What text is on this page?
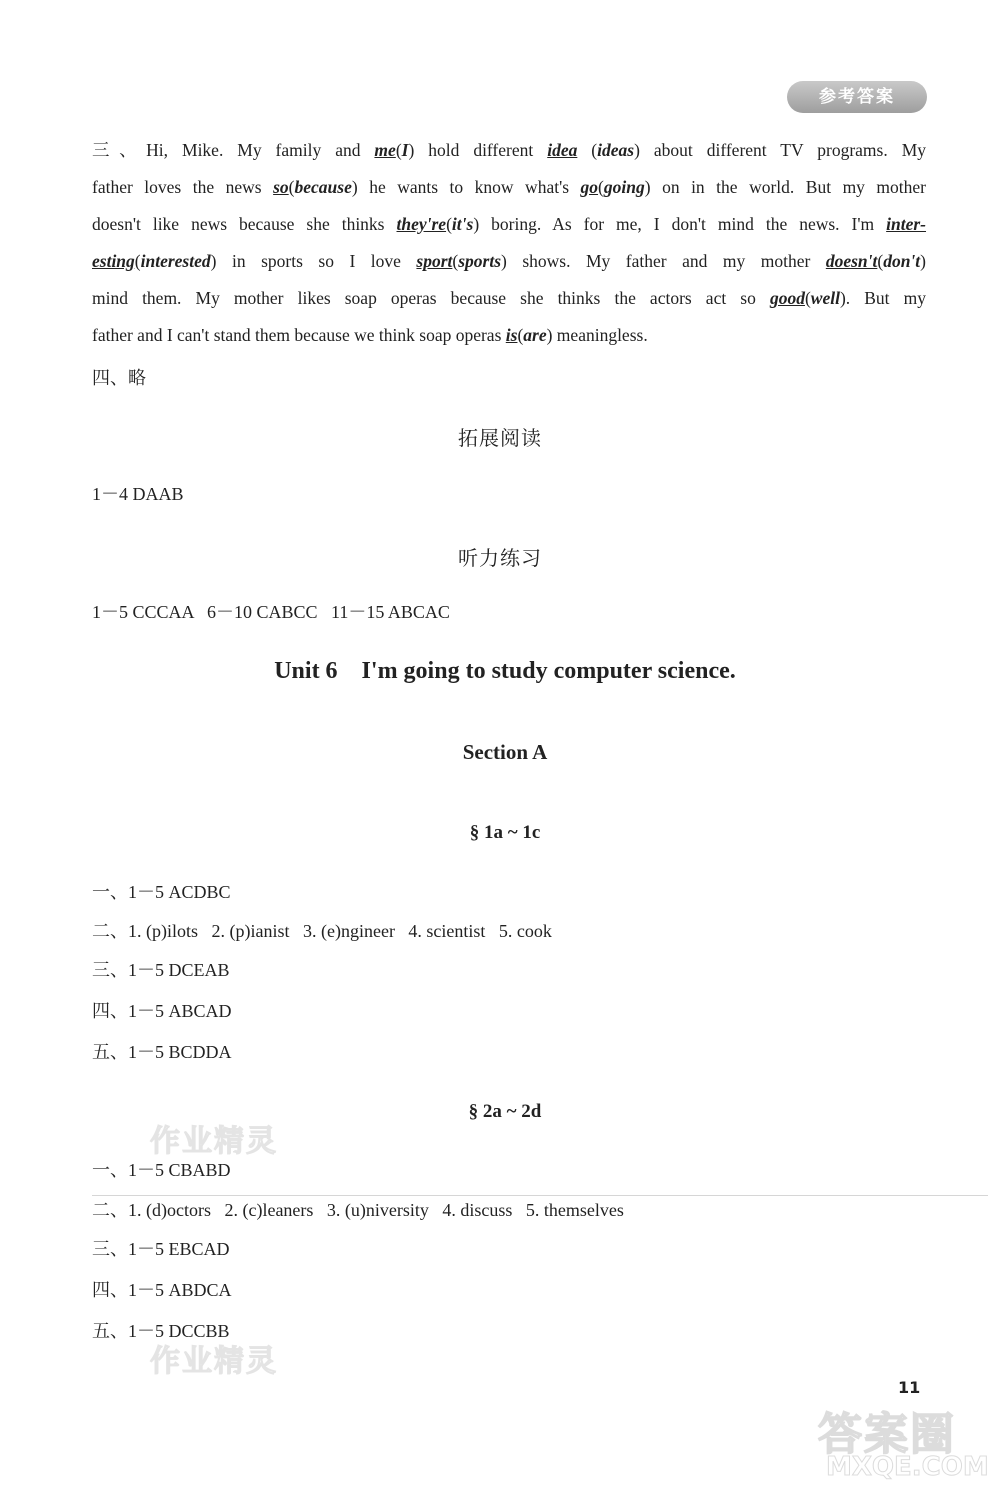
参考答案
三、Hi, Mike. My family and me(I) hold different idea (ideas) about different TV programs. My
father loves the news so(because) he wants to know what's go(going) on in the world. But my mother
doesn't like news because she thinks they're(it's) boring. As for me, I don't mind the news. I'm inter-
esting(interested) in sports so I love sport(sports) shows. My father and my mother doesn't(don't)
mind them. My mother likes soap operas because she thinks the actors act so good(well). But my
father and I can't stand them because we think soap operas is(are) meaningless.
四、略
拓展阅读
1－4 DAAB
听力练习
1－5 CCCAA   6－10 CABCC   11－15 ABCAC
Unit 6    I'm going to study computer science.
Section A
§ 1a ~ 1c
一、1－5 ACDBC
二、1. (p)ilots   2. (p)ianist   3. (e)ngineer   4. scientist   5. cook
三、1－5 DCEAB
四、1－5 ABCAD
五、1－5 BCDDA
§ 2a ~ 2d
作业精灵
一、1－5 CBABD
二、1. (d)octors   2. (c)leaners   3. (u)niversity   4. discuss   5. themselves
三、1－5 EBCAD
四、1－5 ABDCA
五、1－5 DCCBB
作业精灵
11
答案圈
MXQE.COM
